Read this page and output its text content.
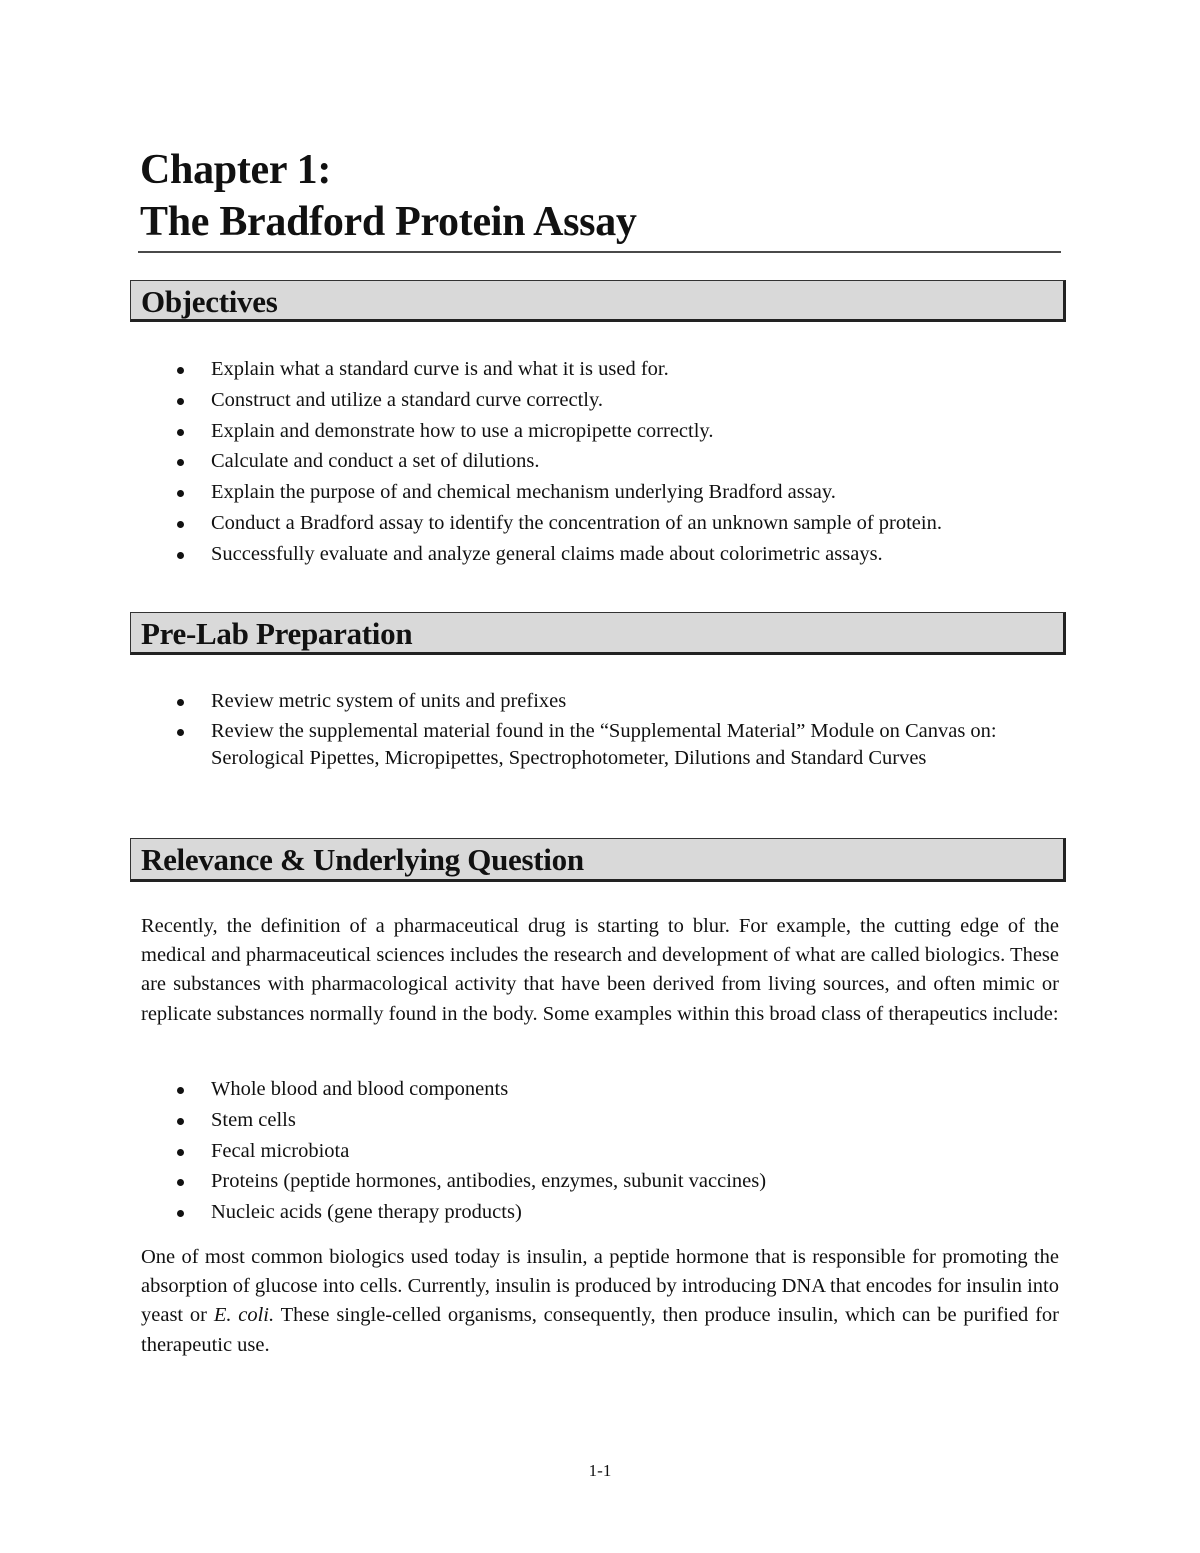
Chapter 1:
The Bradford Protein Assay
Objectives
Explain what a standard curve is and what it is used for.
Construct and utilize a standard curve correctly.
Explain and demonstrate how to use a micropipette correctly.
Calculate and conduct a set of dilutions.
Explain the purpose of and chemical mechanism underlying Bradford assay.
Conduct a Bradford assay to identify the concentration of an unknown sample of protein.
Successfully evaluate and analyze general claims made about colorimetric assays.
Pre-Lab Preparation
Review metric system of units and prefixes
Review the supplemental material found in the “Supplemental Material” Module on Canvas on: Serological Pipettes, Micropipettes, Spectrophotometer, Dilutions and Standard Curves
Relevance & Underlying Question

Recently, the definition of a pharmaceutical drug is starting to blur. For example, the cutting edge of the medical and pharmaceutical sciences includes the research and development of what are called biologics. These are substances with pharmacological activity that have been derived from living sources, and often mimic or replicate substances normally found in the body. Some examples within this broad class of therapeutics include:

Whole blood and blood components
Stem cells
Fecal microbiota
Proteins (peptide hormones, antibodies, enzymes, subunit vaccines)
Nucleic acids (gene therapy products)

One of most common biologics used today is insulin, a peptide hormone that is responsible for promoting the absorption of glucose into cells. Currently, insulin is produced by introducing DNA that encodes for insulin into yeast or E. coli. These single-celled organisms, consequently, then produce insulin, which can be purified for therapeutic use.

1-1
